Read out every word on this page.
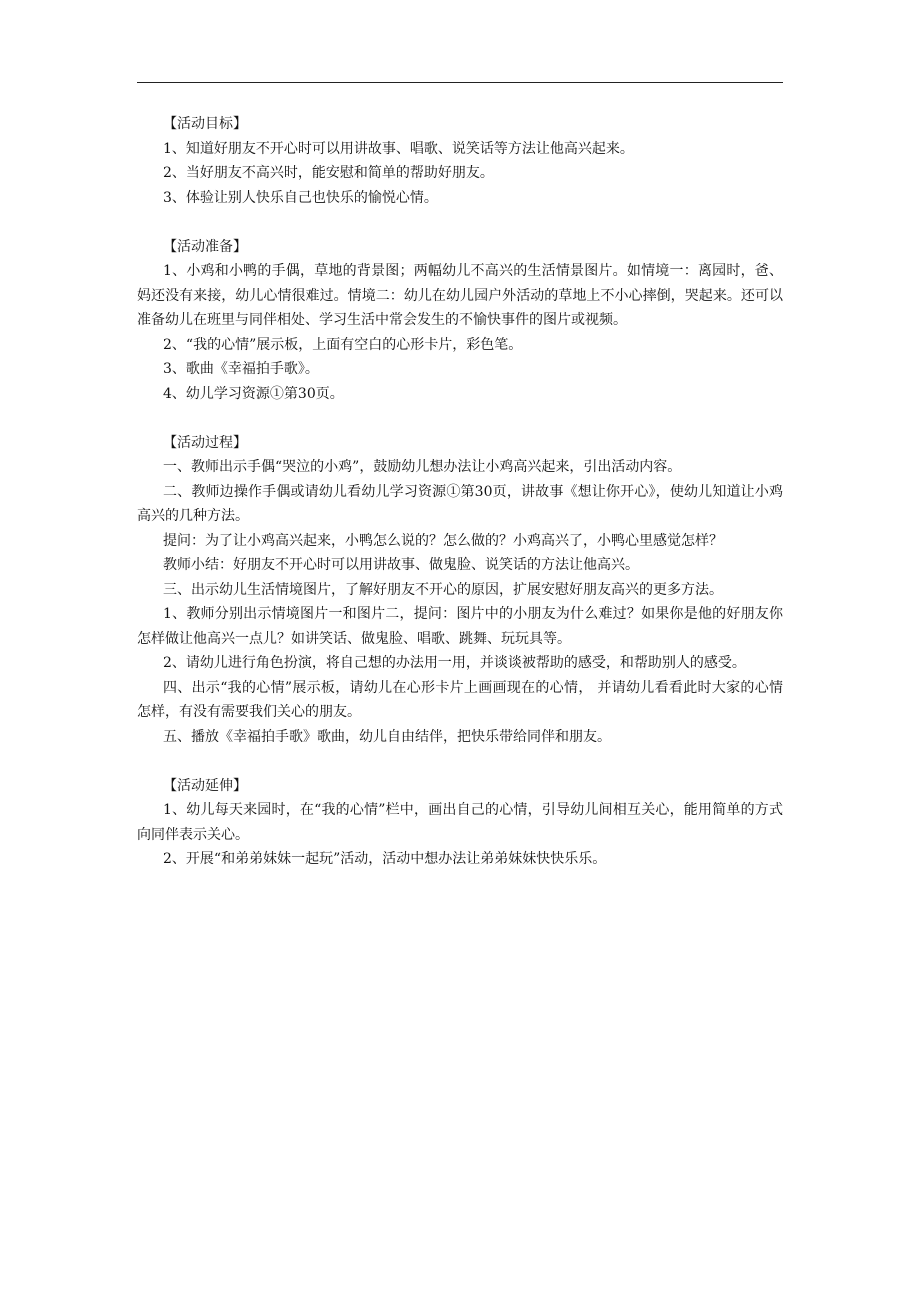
【活动目标】
1、知道好朋友不开心时可以用讲故事、唱歌、说笑话等方法让他高兴起来。
2、当好朋友不高兴时，能安慰和简单的帮助好朋友。
3、体验让别人快乐自己也快乐的愉悦心情。
【活动准备】
1、小鸡和小鸭的手偶，草地的背景图；两幅幼儿不高兴的生活情景图片。如情境一：离园时，爸、妈还没有来接，幼儿心情很难过。情境二：幼儿在幼儿园户外活动的草地上不小心摔倒，哭起来。还可以准备幼儿在班里与同伴相处、学习生活中常会发生的不愉快事件的图片或视频。
2、“我的心情”展示板，上面有空白的心形卡片，彩色笔。
3、歌曲《幸福拍手歌》。
4、幼儿学习资源①第30页。
【活动过程】
一、教师出示手偶“哭泣的小鸡”，鼓励幼儿想办法让小鸡高兴起来，引出活动内容。
二、教师边操作手偶或请幼儿看幼儿学习资源①第30页，讲故事《想让你开心》，使幼儿知道让小鸡高兴的几种方法。
提问：为了让小鸡高兴起来，小鸭怎么说的？怎么做的？小鸡高兴了，小鸭心里感觉怎样？
教师小结：好朋友不开心时可以用讲故事、做鬼脸、说笑话的方法让他高兴。
三、出示幼儿生活情境图片，了解好朋友不开心的原因，扩展安慰好朋友高兴的更多方法。
1、教师分别出示情境图片一和图片二，提问：图片中的小朋友为什么难过？如果你是他的好朋友你怎样做让他高兴一点儿？如讲笑话、做鬼脸、唱歌、跳舞、玩玩具等。
2、请幼儿进行角色扮演，将自己想的办法用一用，并谈谈被帮助的感受，和帮助别人的感受。
四、出示“我的心情”展示板，请幼儿在心形卡片上画画现在的心情， 并请幼儿看看此时大家的心情怎样，有没有需要我们关心的朋友。
五、播放《幸福拍手歌》歌曲，幼儿自由结伴，把快乐带给同伴和朋友。
【活动延伸】
1、幼儿每天来园时，在“我的心情”栏中，画出自己的心情，引导幼儿间相互关心，能用简单的方式向同伴表示关心。
2、开展“和弟弟妹妹一起玩”活动，活动中想办法让弟弟妹妹快快乐乐。
